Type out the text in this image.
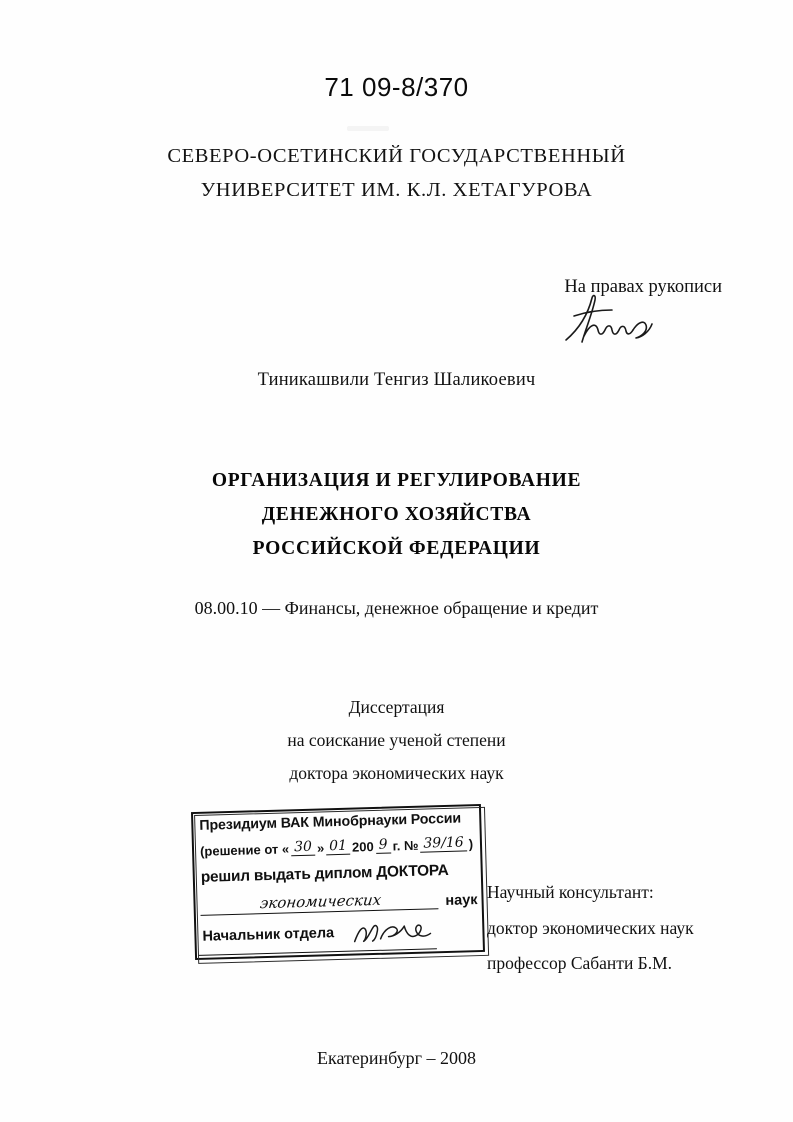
71 09-8/370
СЕВЕРО-ОСЕТИНСКИЙ ГОСУДАРСТВЕННЫЙ
УНИВЕРСИТЕТ ИМ. К.Л. ХЕТАГУРОВА
На правах рукописи
Тиникашвили Тенгиз Шаликоевич
ОРГАНИЗАЦИЯ И РЕГУЛИРОВАНИЕ
ДЕНЕЖНОГО ХОЗЯЙСТВА
РОССИЙСКОЙ ФЕДЕРАЦИИ
08.00.10 — Финансы, денежное обращение и кредит
Диссертация
на соискание ученой степени
доктора экономических наук
Президиум ВАК Минобрнауки России
(решение от « 30 » 01 200 9 г. № 39/16 )
решил выдать диплом ДОКТОРА
экономических	наук
Начальник отдела
Научный консультант:
доктор экономических наук
профессор Сабанти Б.М.
Екатеринбург – 2008
